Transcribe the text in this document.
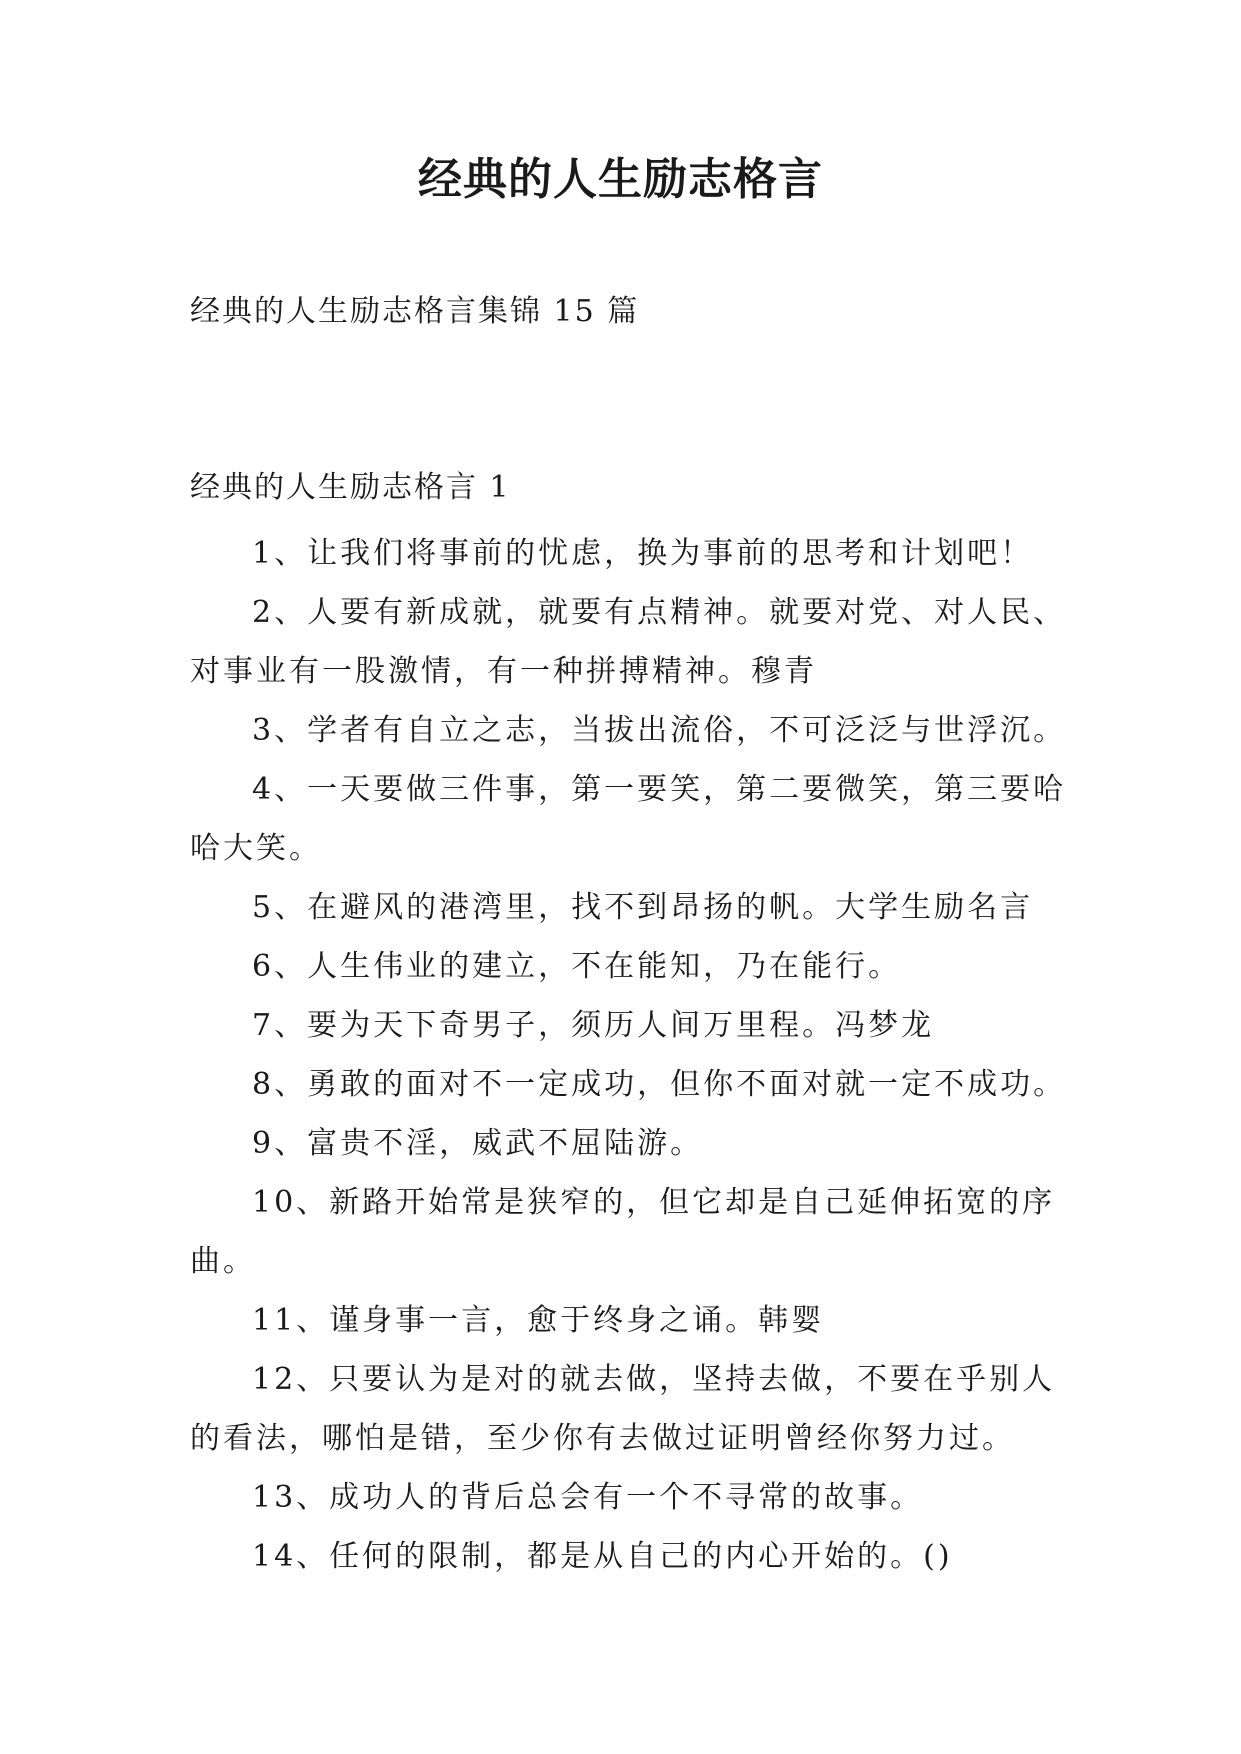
经典的人生励志格言

经典的人生励志格言集锦 15 篇

经典的人生励志格言 1

1、让我们将事前的忧虑，换为事前的思考和计划吧！
2、人要有新成就，就要有点精神。就要对党、对人民、对事业有一股激情，有一种拼搏精神。穆青
3、学者有自立之志，当拔出流俗，不可泛泛与世浮沉。
4、一天要做三件事，第一要笑，第二要微笑，第三要哈哈大笑。
5、在避风的港湾里，找不到昂扬的帆。大学生励名言
6、人生伟业的建立，不在能知，乃在能行。
7、要为天下奇男子，须历人间万里程。冯梦龙
8、勇敢的面对不一定成功，但你不面对就一定不成功。
9、富贵不淫，威武不屈陆游。
10、新路开始常是狭窄的，但它却是自己延伸拓宽的序曲。
11、谨身事一言，愈于终身之诵。韩婴
12、只要认为是对的就去做，坚持去做，不要在乎别人的看法，哪怕是错，至少你有去做过证明曾经你努力过。
13、成功人的背后总会有一个不寻常的故事。
14、任何的限制，都是从自己的内心开始的。()
